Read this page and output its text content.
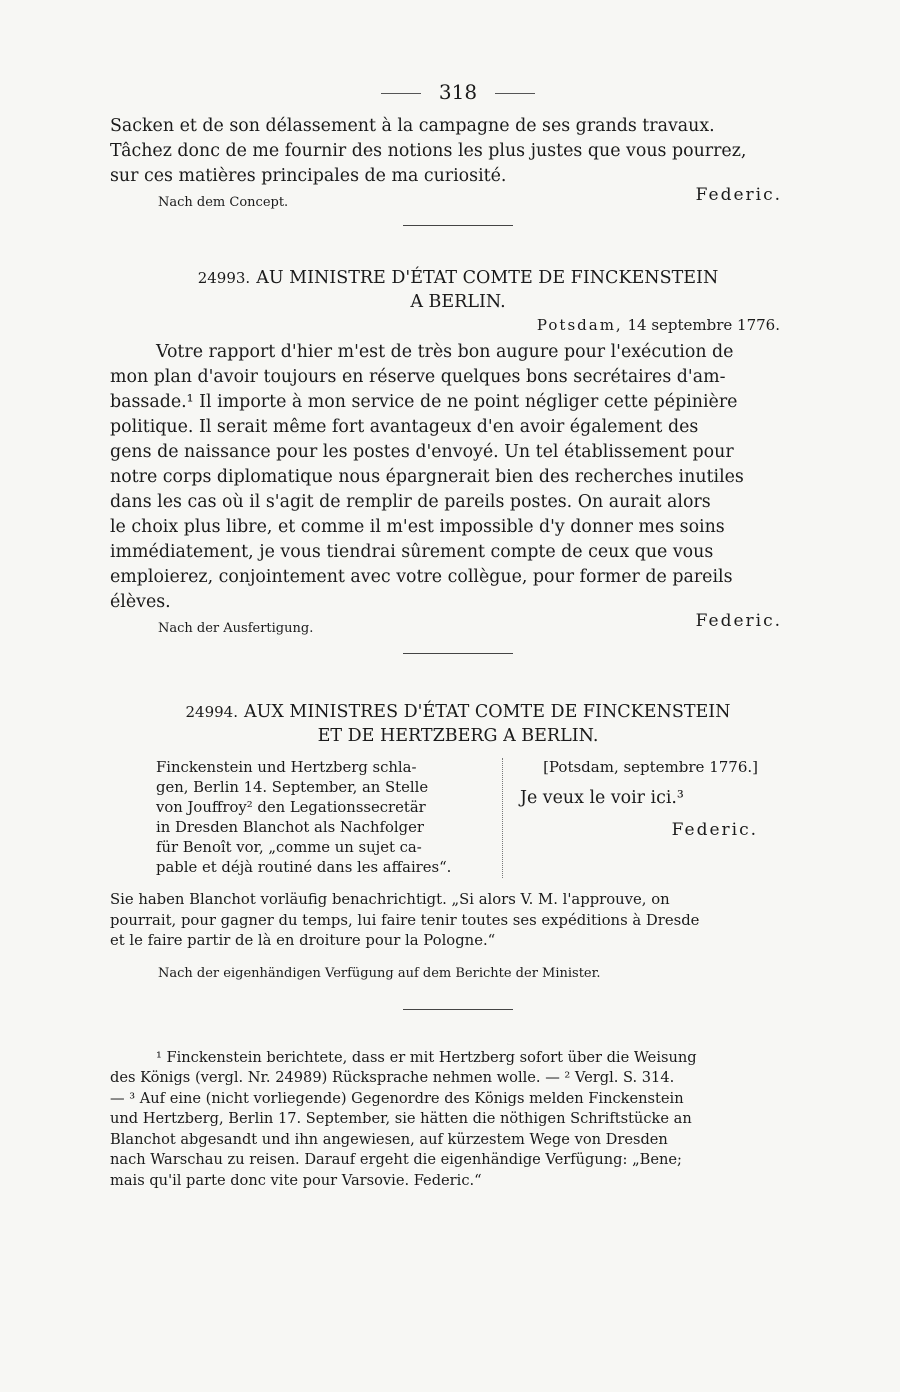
318

Sacken et de son délassement à la campagne de ses grands travaux.

Tâchez donc de me fournir des notions les plus justes que vous pourrez,

sur ces matières principales de ma curiosité.

Nach dem Concept.	Federic.
24993. AU MINISTRE D'ÉTAT COMTE DE FINCKENSTEIN
A BERLIN.
Potsdam, 14 septembre 1776.

Votre rapport d'hier m'est de très bon augure pour l'exécution de

mon plan d'avoir toujours en réserve quelques bons secrétaires d'am-

bassade.¹ Il importe à mon service de ne point négliger cette pépinière

politique. Il serait même fort avantageux d'en avoir également des

gens de naissance pour les postes d'envoyé. Un tel établissement pour

notre corps diplomatique nous épargnerait bien des recherches inutiles

dans les cas où il s'agit de remplir de pareils postes. On aurait alors

le choix plus libre, et comme il m'est impossible d'y donner mes soins

immédiatement, je vous tiendrai sûrement compte de ceux que vous

emploierez, conjointement avec votre collègue, pour former de pareils

élèves.

Nach der Ausfertigung.	Federic.
24994. AUX MINISTRES D'ÉTAT COMTE DE FINCKENSTEIN
ET DE HERTZBERG A BERLIN.
Finckenstein und Hertzberg schla-
gen, Berlin 14. September, an Stelle
von Jouffroy² den Legationssecretär
in Dresden Blanchot als Nachfolger
für Benoît vor, „comme un sujet ca-
pable et déjà routiné dans les affaires“.
[Potsdam, septembre 1776.]
Je veux le voir ici.³
Federic.
Sie haben Blanchot vorläufig benachrichtigt. „Si alors V. M. l'approuve, on
pourrait, pour gagner du temps, lui faire tenir toutes ses expéditions à Dresde
et le faire partir de là en droiture pour la Pologne.“
Nach der eigenhändigen Verfügung auf dem Berichte der Minister.
¹ Finckenstein berichtete, dass er mit Hertzberg sofort über die Weisung
des Königs (vergl. Nr. 24989) Rücksprache nehmen wolle. — ² Vergl. S. 314.
— ³ Auf eine (nicht vorliegende) Gegenordre des Königs melden Finckenstein
und Hertzberg, Berlin 17. September, sie hätten die nöthigen Schriftstücke an
Blanchot abgesandt und ihn angewiesen, auf kürzestem Wege von Dresden
nach Warschau zu reisen. Darauf ergeht die eigenhändige Verfügung: „Bene;
mais qu'il parte donc vite pour Varsovie. Federic.“
